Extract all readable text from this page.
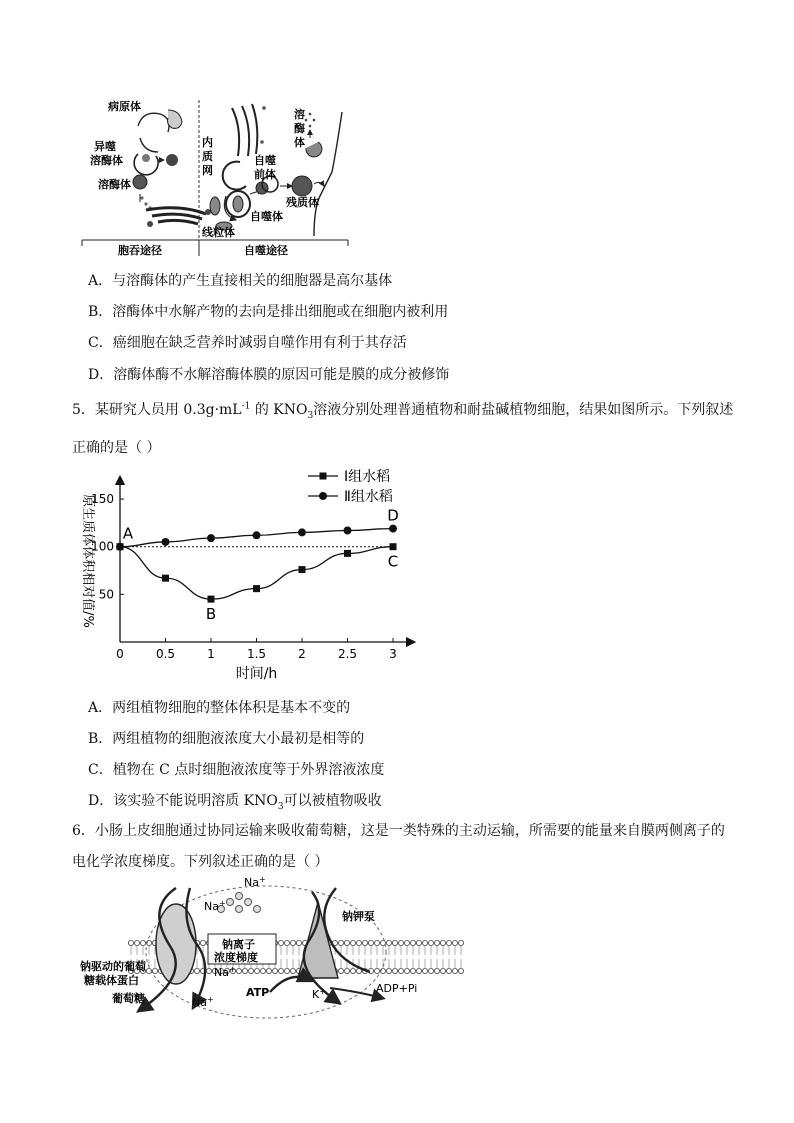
病原体
异噬
溶酶体
溶酶体
内
质
网
溶
酶
体
自噬
前体
自噬体
残质体
线粒体
胞吞途径	自噬途径
A．与溶酶体的产生直接相关的细胞器是高尔基体
B．溶酶体中水解产物的去向是排出细胞或在细胞内被利用
C．癌细胞在缺乏营养时减弱自噬作用有利于其存活
D．溶酶体酶不水解溶酶体膜的原因可能是膜的成分被修饰
5．某研究人员用 $0.3g\cdot mL^{-1}$ 的 $KNO_3$溶液分别处理普通植物和耐盐碱植物细胞，结果如图所示。下列叙述
正确的是（ ）
0	0.5	1	1.5	2	2.5	3
50
100
150
时间/h
原生质体体积相对值/% A
B
C
D
Ⅰ组水稻
Ⅱ组水稻
A．两组植物细胞的整体体积是基本不变的
B．两组植物的细胞液浓度大小最初是相等的
C．植物在 C 点时细胞液浓度等于外界溶液浓度
D．该实验不能说明溶质 $KNO_3$可以被植物吸收
6．小肠上皮细胞通过协同运输来吸收葡萄糖，这是一类特殊的主动运输，所需要的能量来自膜两侧离子的
电化学浓度梯度。下列叙述正确的是（ ）
Na+
Na+
钠钾泵
钠离子
浓度梯度
Na+
钠驱动的葡萄
糖载体蛋白
葡萄糖	Na+
ATP	K+	ADP+Pi
